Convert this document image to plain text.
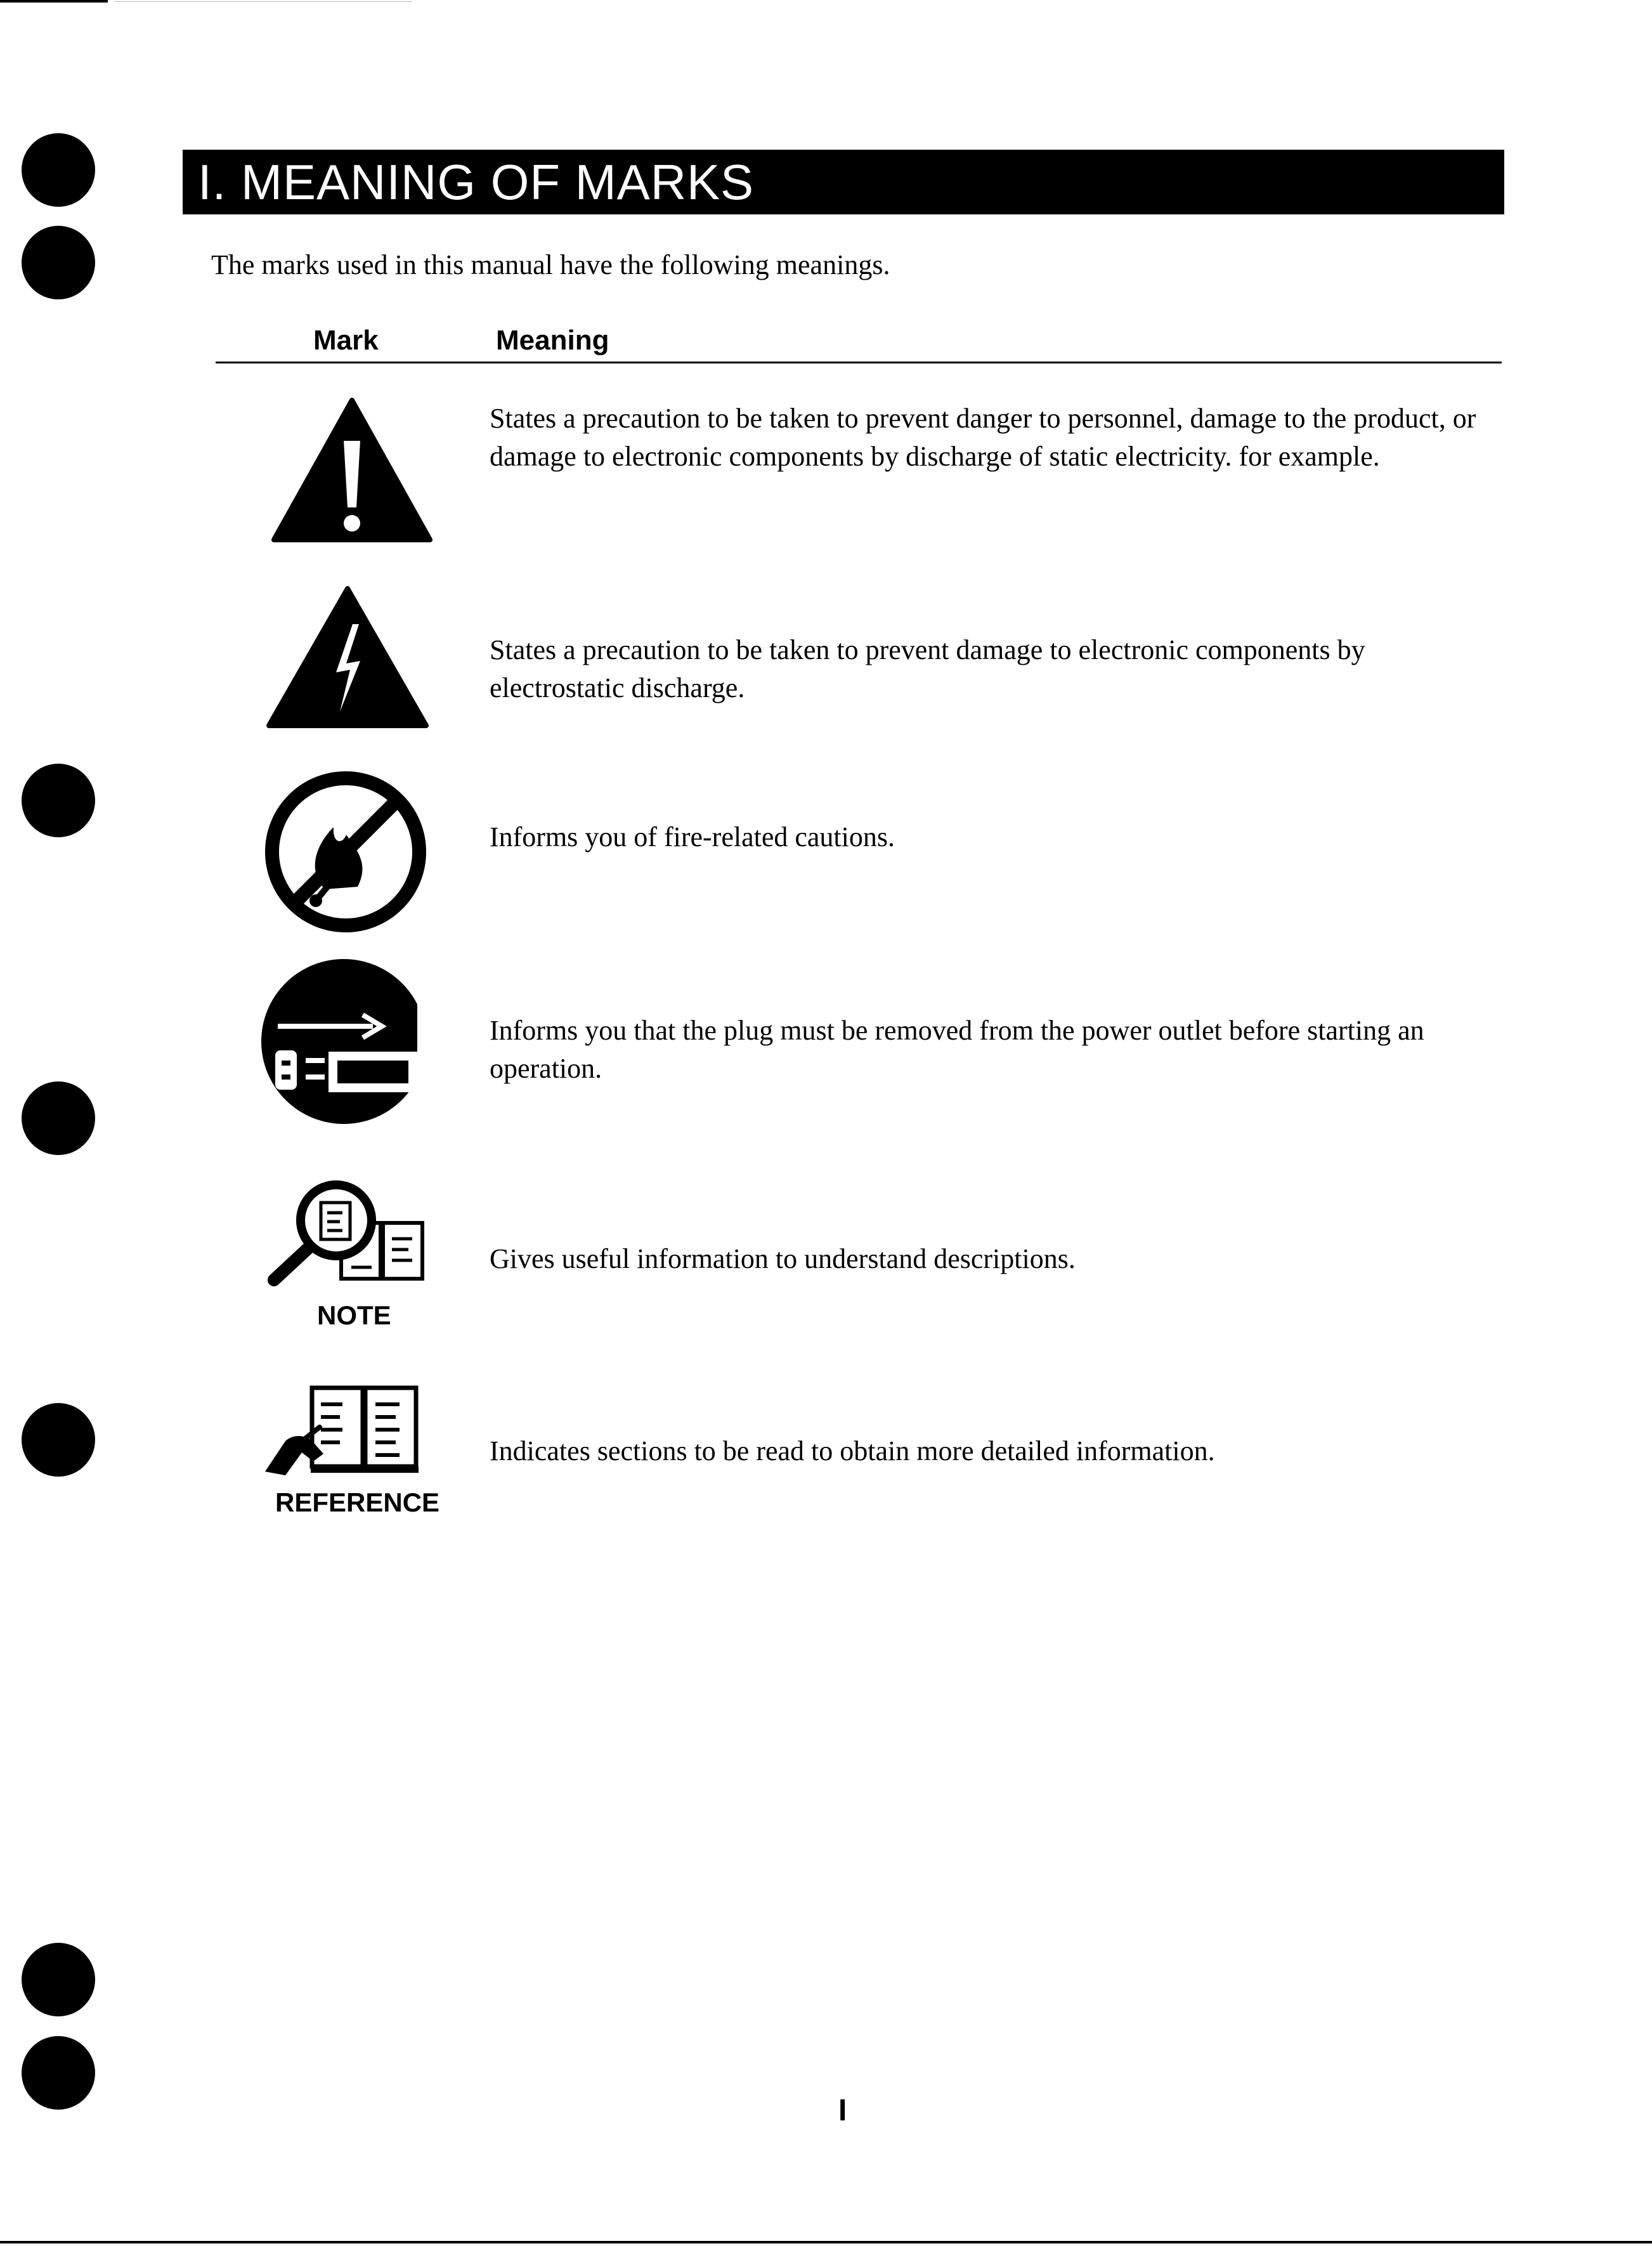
I. MEANING OF MARKS
The marks used in this manual have the following meanings.
Mark	Meaning
States a precaution to be taken to prevent danger to personnel, damage to the product, or damage to electronic components by discharge of static electricity. for example.
States a precaution to be taken to prevent damage to electronic components by electrostatic discharge.
Informs you of fire-related cautions.
Informs you that the plug must be removed from the power outlet before starting an operation.
NOTE
Gives useful information to understand descriptions.
REFERENCE
Indicates sections to be read to obtain more detailed information.
I
